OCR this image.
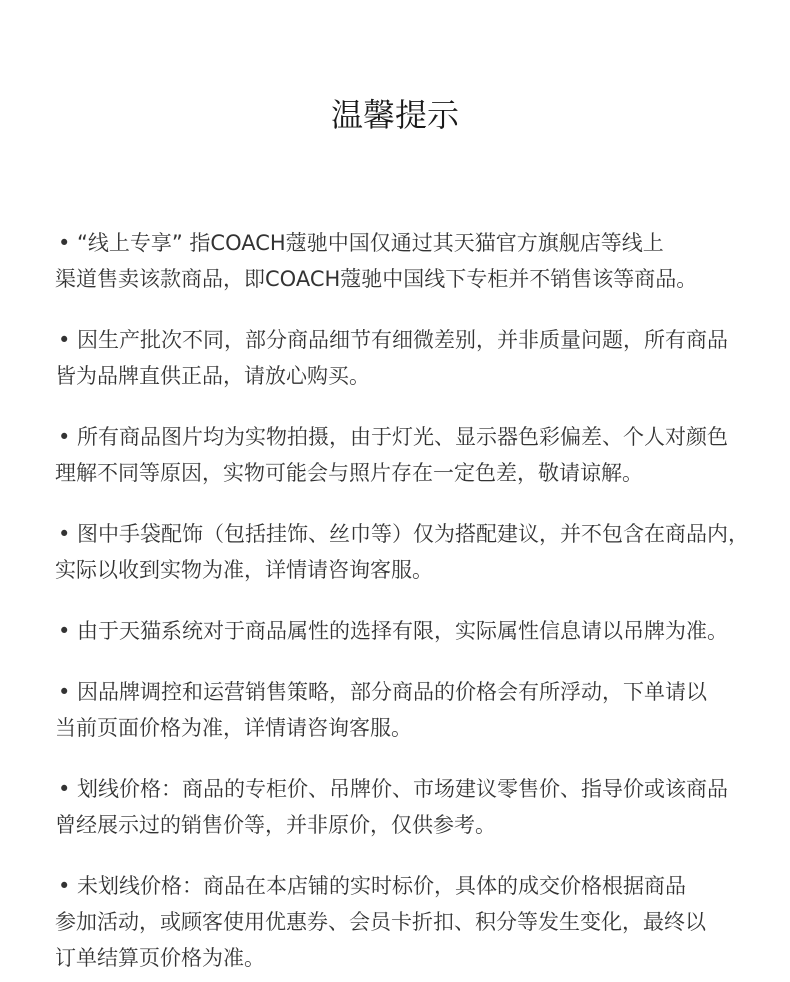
温馨提示
• “线上专享” 指COACH蔻驰中国仅通过其天猫官方旗舰店等线上
渠道售卖该款商品，即COACH蔻驰中国线下专柜并不销售该等商品。
• 因生产批次不同，部分商品细节有细微差别，并非质量问题，所有商品
皆为品牌直供正品，请放心购买。
• 所有商品图片均为实物拍摄，由于灯光、显示器色彩偏差、个人对颜色
理解不同等原因，实物可能会与照片存在一定色差，敬请谅解。
• 图中手袋配饰（包括挂饰、丝巾等）仅为搭配建议，并不包含在商品内，
实际以收到实物为准，详情请咨询客服。
• 由于天猫系统对于商品属性的选择有限，实际属性信息请以吊牌为准。
• 因品牌调控和运营销售策略，部分商品的价格会有所浮动，下单请以
当前页面价格为准，详情请咨询客服。
• 划线价格：商品的专柜价、吊牌价、市场建议零售价、指导价或该商品
曾经展示过的销售价等，并非原价，仅供参考。
• 未划线价格：商品在本店铺的实时标价，具体的成交价格根据商品
参加活动，或顾客使用优惠券、会员卡折扣、积分等发生变化，最终以
订单结算页价格为准。
